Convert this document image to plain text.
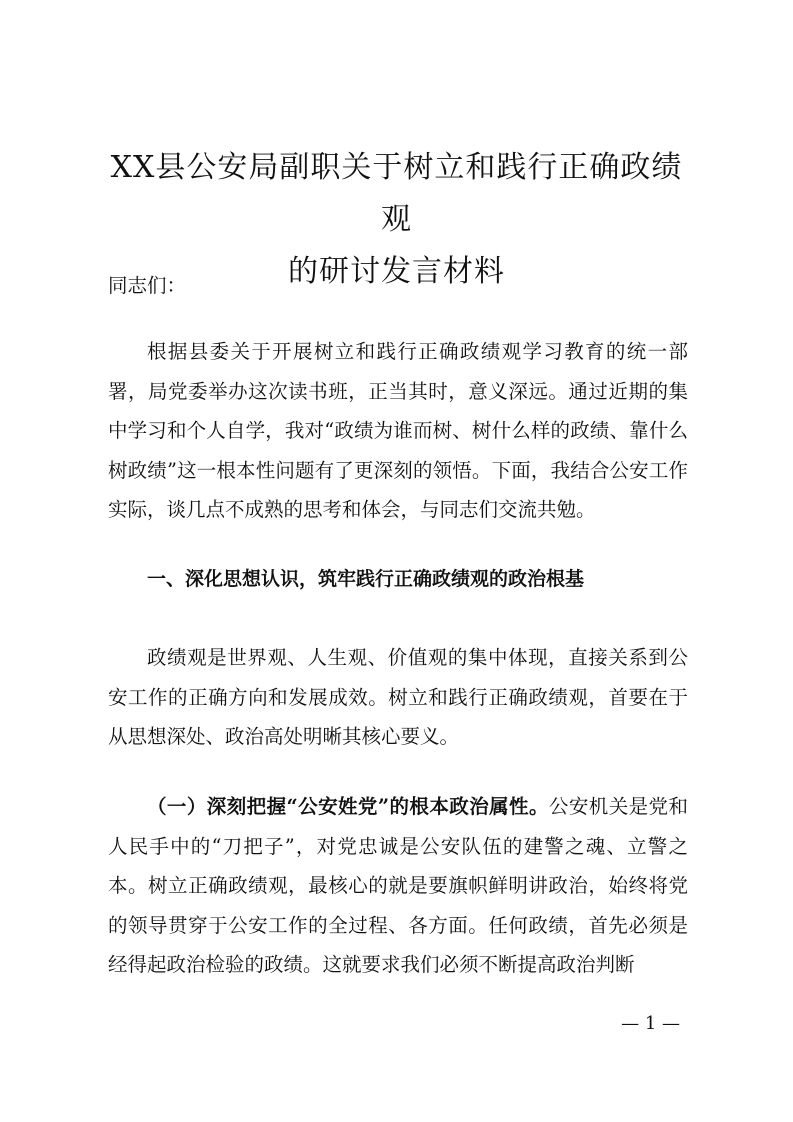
XX县公安局副职关于树立和践行正确政绩观
的研讨发言材料

同志们：

根据县委关于开展树立和践行正确政绩观学习教育的统一部署，局党委举办这次读书班，正当其时，意义深远。通过近期的集中学习和个人自学，我对“政绩为谁而树、树什么样的政绩、靠什么树政绩”这一根本性问题有了更深刻的领悟。下面，我结合公安工作实际，谈几点不成熟的思考和体会，与同志们交流共勉。

一、深化思想认识，筑牢践行正确政绩观的政治根基

政绩观是世界观、人生观、价值观的集中体现，直接关系到公安工作的正确方向和发展成效。树立和践行正确政绩观，首要在于从思想深处、政治高处明晰其核心要义。

（一）深刻把握“公安姓党”的根本政治属性。公安机关是党和人民手中的“刀把子”，对党忠诚是公安队伍的建警之魂、立警之本。树立正确政绩观，最核心的就是要旗帜鲜明讲政治，始终将党的领导贯穿于公安工作的全过程、各方面。任何政绩，首先必须是经得起政治检验的政绩。这就要求我们必须不断提高政治判断

— 1 —
